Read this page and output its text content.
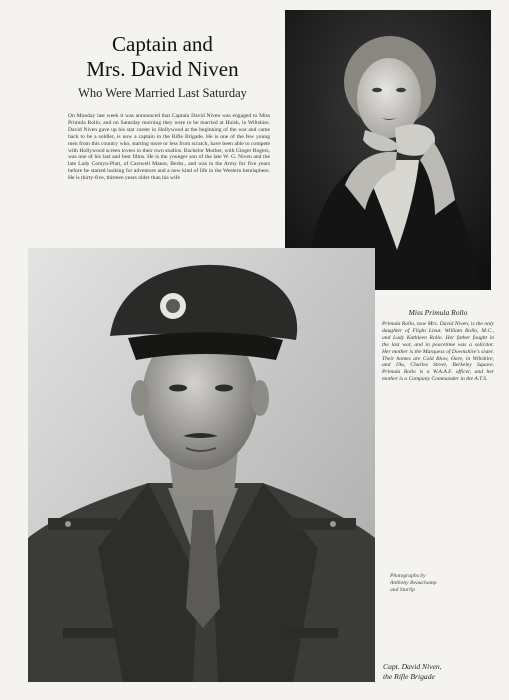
Captain and
Mrs. David Niven

Who Were Married Last Saturday

On Monday last week it was announced that Captain David Niven was engaged to Miss Primula Rollo, and on Saturday morning they were to be married at Huish, in Wiltshire. David Niven gave up his star career in Hollywood at the beginning of the war and came back to be a soldier, is now a captain in the Rifle Brigade. He is one of the few young men from this country who, starting more or less from scratch, have been able to compete with Hollywood screen lovers in their own studios. Bachelor Mother, with Ginger Rogers, was one of his last and best films. He is the younger son of the late W. G. Niven and the late Lady Comyn-Platt, of Carswell Manor, Berks., and was in the Army for five years before he started looking for adventure and a new kind of life in the Western hemisphere. He is thirty-five, thirteen years older than his wife

Miss Primula Rollo
Primula Rollo, now Mrs. David Niven, is the only daughter of Flight Lieut. William Rollo, M.C., and Lady Kathleen Rollo. Her father fought in the last war, and in peacetime was a solicitor. Her mother is the Marquess of Downshire's sister. Their homes are Cold Blow, Oare, in Wiltshire, and 19a, Charles Street, Berkeley Square. Primula Rollo is a W.A.A.F. officer, and her mother is a Company Commander in the A.T.S.
Photographs by
Anthony Beauchamp
and Starlip
Capt. David Niven,
the Rifle Brigade
